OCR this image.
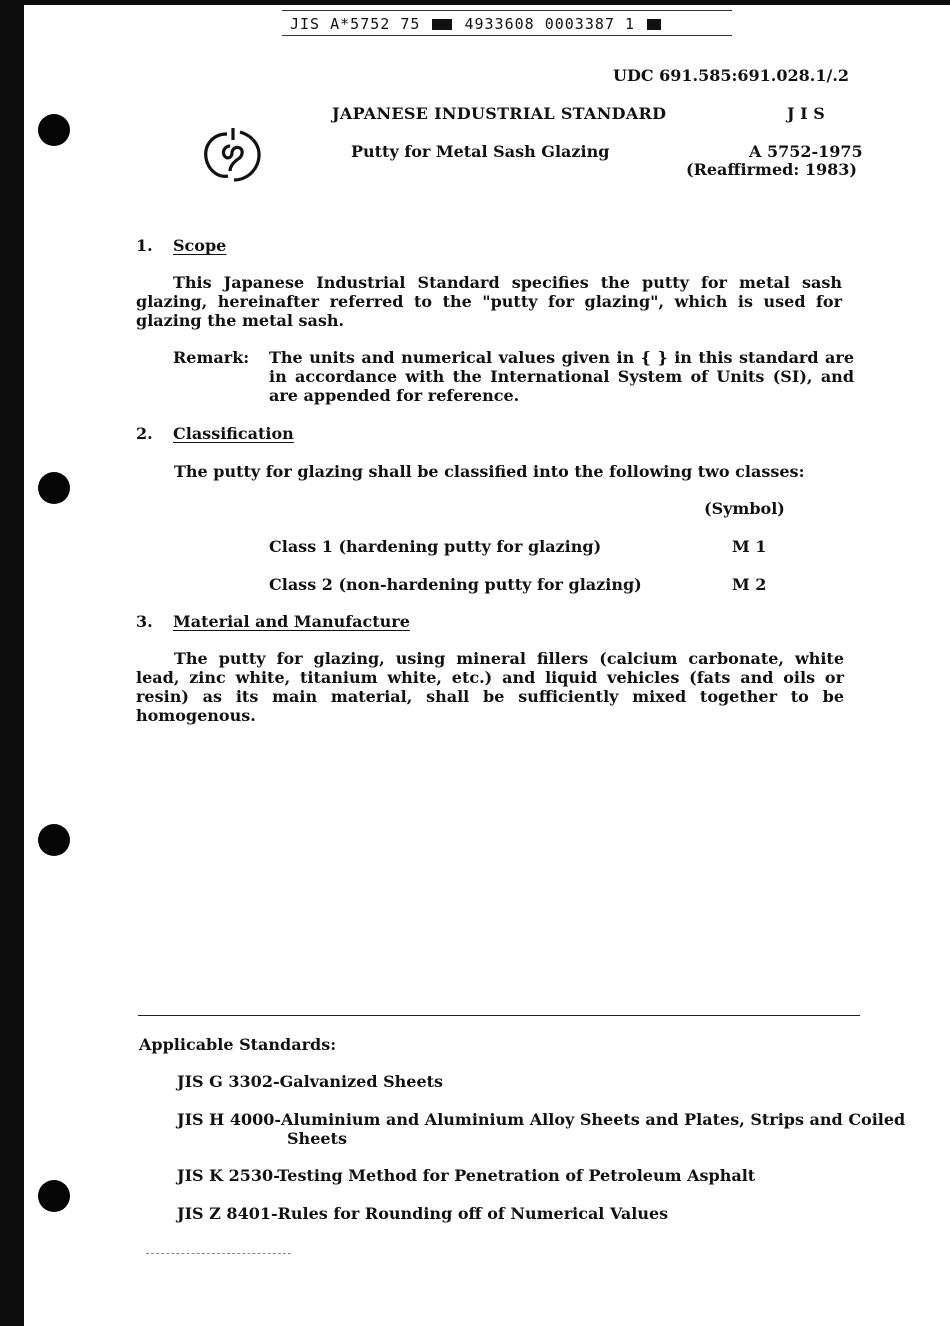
JIS A*5752 75	4933608 0003387 1
UDC 691.585:691.028.1/.2
JAPANESE INDUSTRIAL STANDARD	J I S
Putty for Metal Sash Glazing	A 5752-1975
(Reaffirmed: 1983)
1. Scope
This Japanese Industrial Standard specifies the putty for metal sash glazing, hereinafter referred to the "putty for glazing", which is used for glazing the metal sash.
Remark: The units and numerical values given in { } in this standard are in accordance with the International System of Units (SI), and are appended for reference.
2. Classification
The putty for glazing shall be classified into the following two classes:
(Symbol)
Class 1 (hardening putty for glazing)	M 1
Class 2 (non-hardening putty for glazing)	M 2
3. Material and Manufacture
The putty for glazing, using mineral fillers (calcium carbonate, white lead, zinc white, titanium white, etc.) and liquid vehicles (fats and oils or resin) as its main material, shall be sufficiently mixed together to be homogenous.
Applicable Standards:
JIS G 3302-Galvanized Sheets
JIS H 4000-Aluminium and Aluminium Alloy Sheets and Plates, Strips and Coiled Sheets
JIS K 2530-Testing Method for Penetration of Petroleum Asphalt
JIS Z 8401-Rules for Rounding off of Numerical Values
